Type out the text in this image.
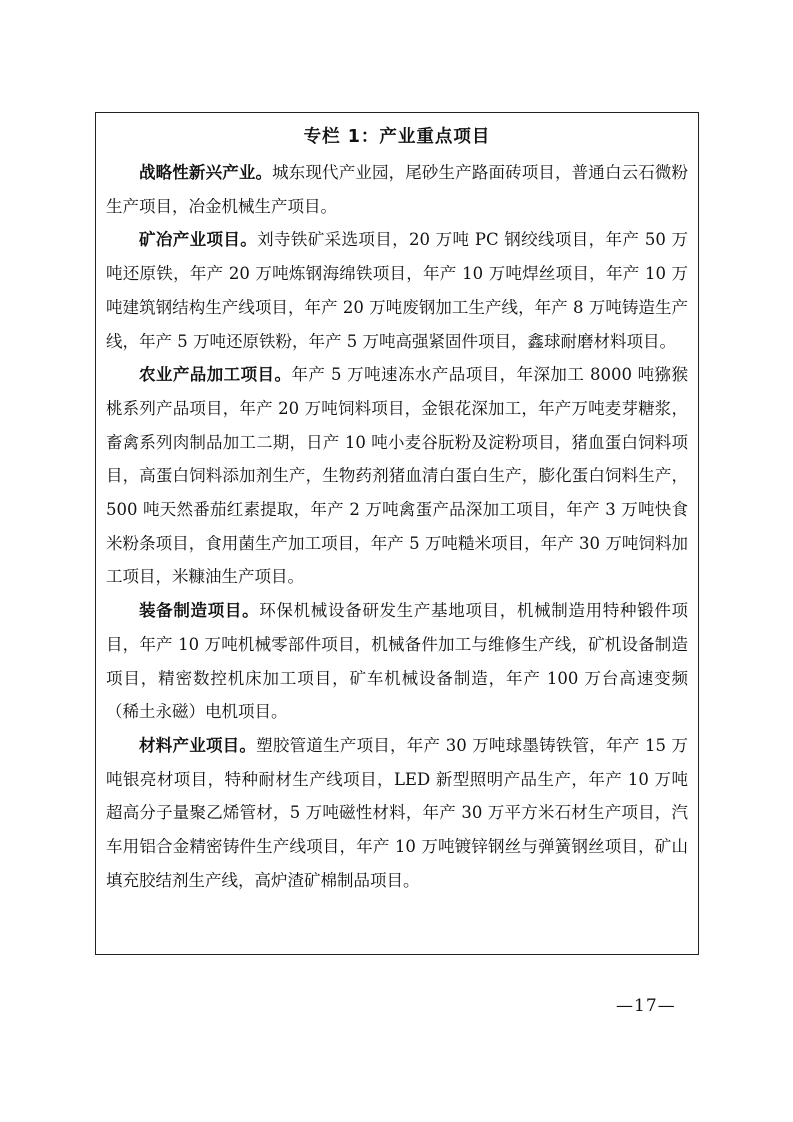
专栏 1：产业重点项目

战略性新兴产业。城东现代产业园，尾砂生产路面砖项目，普通白云石微粉生产项目，冶金机械生产项目。

矿冶产业项目。刘寺铁矿采选项目，20 万吨 PC 钢绞线项目，年产 50 万吨还原铁，年产 20 万吨炼钢海绵铁项目，年产 10 万吨焊丝项目，年产 10 万吨建筑钢结构生产线项目，年产 20 万吨废钢加工生产线，年产 8 万吨铸造生产线，年产 5 万吨还原铁粉，年产 5 万吨高强紧固件项目，鑫球耐磨材料项目。

农业产品加工项目。年产 5 万吨速冻水产品项目，年深加工 8000 吨猕猴桃系列产品项目，年产 20 万吨饲料项目，金银花深加工，年产万吨麦芽糖浆，畜禽系列肉制品加工二期，日产 10 吨小麦谷朊粉及淀粉项目，猪血蛋白饲料项目，高蛋白饲料添加剂生产，生物药剂猪血清白蛋白生产，膨化蛋白饲料生产，500 吨天然番茄红素提取，年产 2 万吨禽蛋产品深加工项目，年产 3 万吨快食米粉条项目，食用菌生产加工项目，年产 5 万吨糙米项目，年产 30 万吨饲料加工项目，米糠油生产项目。

装备制造项目。环保机械设备研发生产基地项目，机械制造用特种锻件项目，年产 10 万吨机械零部件项目，机械备件加工与维修生产线，矿机设备制造项目，精密数控机床加工项目，矿车机械设备制造，年产 100 万台高速变频（稀土永磁）电机项目。

材料产业项目。塑胶管道生产项目，年产 30 万吨球墨铸铁管，年产 15 万吨银亮材项目，特种耐材生产线项目，LED 新型照明产品生产，年产 10 万吨超高分子量聚乙烯管材，5 万吨磁性材料，年产 30 万平方米石材生产项目，汽车用铝合金精密铸件生产线项目，年产 10 万吨镀锌钢丝与弹簧钢丝项目，矿山填充胶结剂生产线，高炉渣矿棉制品项目。

—17—
